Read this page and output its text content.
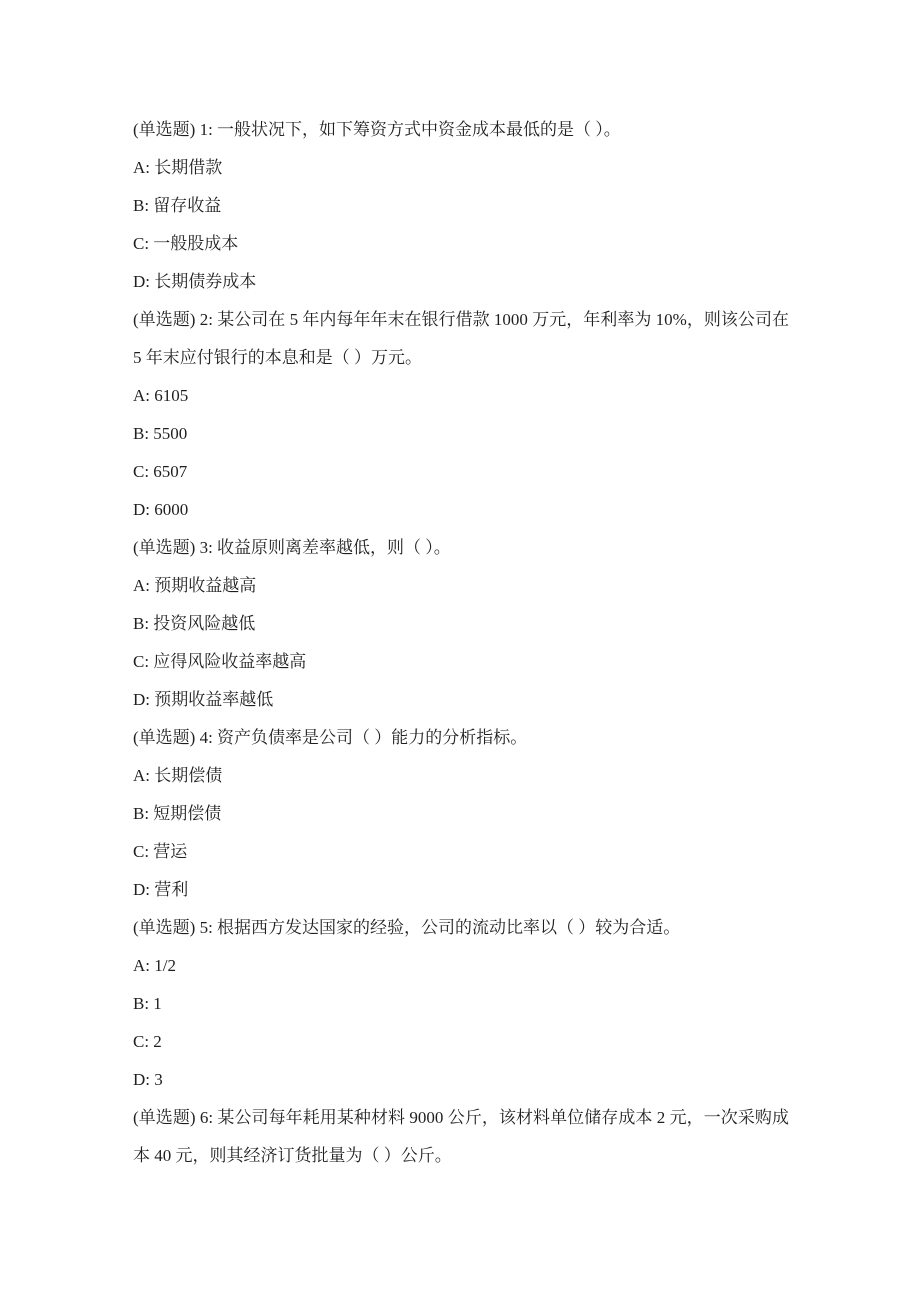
(单选题) 1: 一般状况下，如下筹资方式中资金成本最低的是（ ）。

A: 长期借款

B: 留存收益

C: 一般股成本

D: 长期债券成本

(单选题) 2: 某公司在 5 年内每年年末在银行借款 1000 万元，年利率为 10%，则该公司在 5 年末应付银行的本息和是（ ）万元。

A: 6105

B: 5500

C: 6507

D: 6000

(单选题) 3: 收益原则离差率越低，则（ ）。

A: 预期收益越高

B: 投资风险越低

C: 应得风险收益率越高

D: 预期收益率越低

(单选题) 4: 资产负债率是公司（ ）能力的分析指标。

A: 长期偿债

B: 短期偿债

C: 营运

D: 营利

(单选题) 5: 根据西方发达国家的经验，公司的流动比率以（ ）较为合适。

A: 1/2

B: 1

C: 2

D: 3

(单选题) 6: 某公司每年耗用某种材料 9000 公斤，该材料单位储存成本 2 元，一次采购成本 40 元，则其经济订货批量为（ ）公斤。
